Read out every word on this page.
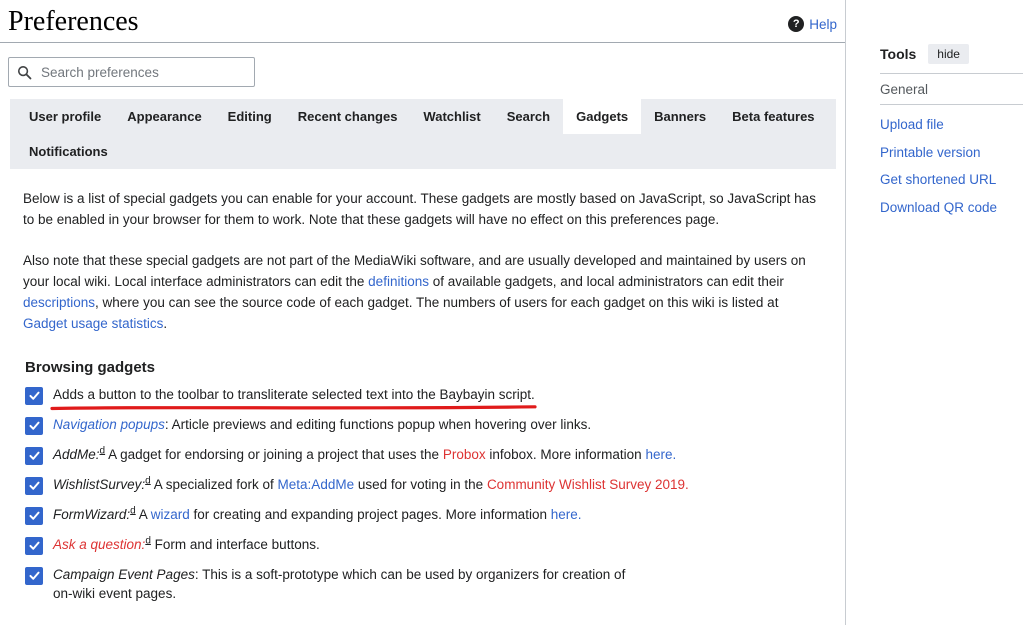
Preferences	? Help
Search preferences
User profile	Appearance	Editing	Recent changes	Watchlist	Search	Gadgets	Banners	Beta features
Notifications

Below is a list of special gadgets you can enable for your account. These gadgets are mostly based on JavaScript, so JavaScript has to be enabled in your browser for them to work. Note that these gadgets will have no effect on this preferences page.

Also note that these special gadgets are not part of the MediaWiki software, and are usually developed and maintained by users on your local wiki. Local interface administrators can edit the definitions of available gadgets, and local administrators can edit their descriptions, where you can see the source code of each gadget. The numbers of users for each gadget on this wiki is listed at Gadget usage statistics.

Browsing gadgets
Adds a button to the toolbar to transliterate selected text into the Baybayin script.
Navigation popups: Article previews and editing functions popup when hovering over links.
AddMe:$^d$ A gadget for endorsing or joining a project that uses the Probox infobox. More information here.
WishlistSurvey:$^d$ A specialized fork of Meta:AddMe used for voting in the Community Wishlist Survey 2019.
FormWizard:$^d$ A wizard for creating and expanding project pages. More information here.
Ask a question:$^d$ Form and interface buttons.
Campaign Event Pages: This is a soft-prototype which can be used by organizers for creation of on-wiki event pages.
Tools	hide
General
Upload file
Printable version
Get shortened URL
Download QR code
